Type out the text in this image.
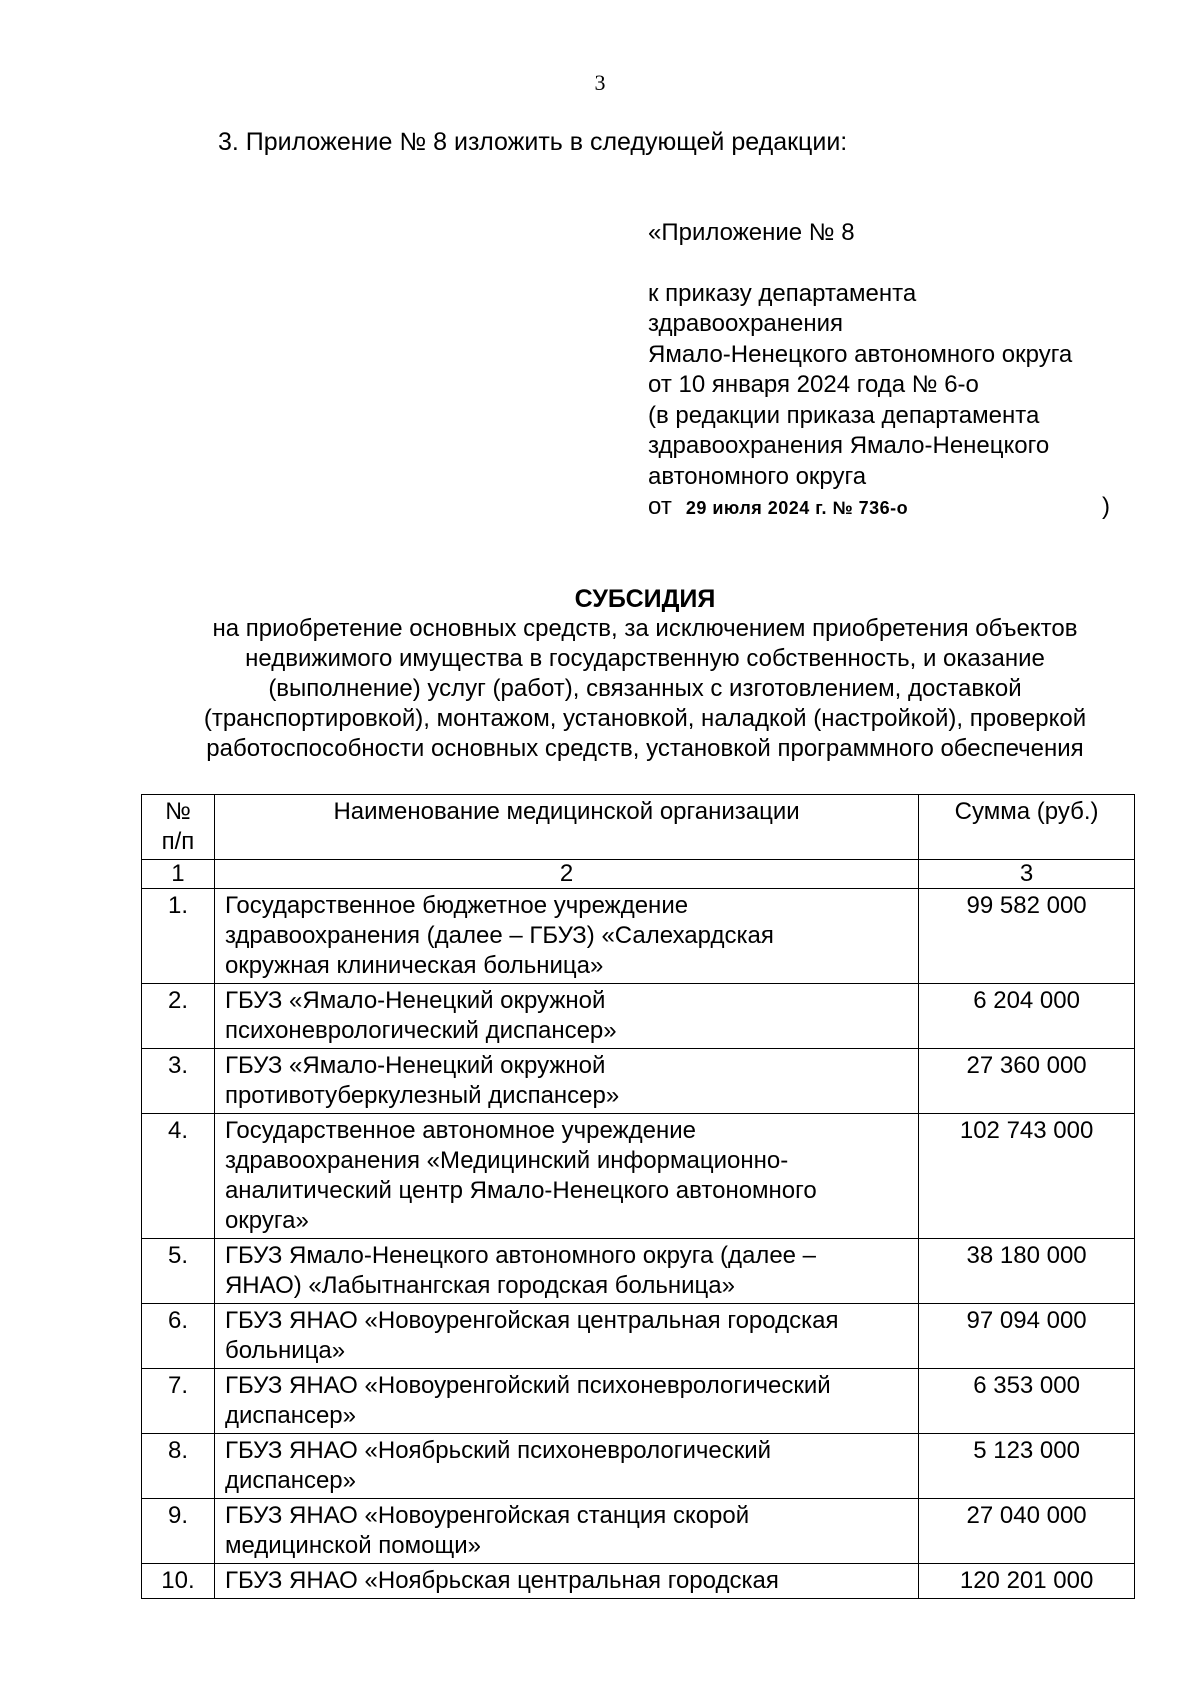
3
3. Приложение № 8 изложить в следующей редакции:
«Приложение № 8
к приказу департамента
здравоохранения
Ямало-Ненецкого автономного округа
от 10 января 2024 года № 6-о
(в редакции приказа департамента
здравоохранения Ямало-Ненецкого
автономного округа
от 29 июля 2024 г. № 736-о	)
СУБСИДИЯ
на приобретение основных средств, за исключением приобретения объектов
недвижимого имущества в государственную собственность, и оказание
(выполнение) услуг (работ), связанных с изготовлением, доставкой
(транспортировкой), монтажом, установкой, наладкой (настройкой), проверкой
работоспособности основных средств, установкой программного обеспечения
№
п/п	Наименование медицинской организации	Сумма (руб.)
1	2	3
1.	Государственное бюджетное учреждение
здравоохранения (далее – ГБУЗ) «Салехардская
окружная клиническая больница»	99 582 000
2.	ГБУЗ «Ямало-Ненецкий окружной
психоневрологический диспансер»	6 204 000
3.	ГБУЗ «Ямало-Ненецкий окружной
противотуберкулезный диспансер»	27 360 000
4.	Государственное автономное учреждение
здравоохранения «Медицинский информационно-
аналитический центр Ямало-Ненецкого автономного
округа»	102 743 000
5.	ГБУЗ Ямало-Ненецкого автономного округа (далее –
ЯНАО) «Лабытнангская городская больница»	38 180 000
6.	ГБУЗ ЯНАО «Новоуренгойская центральная городская
больница»	97 094 000
7.	ГБУЗ ЯНАО «Новоуренгойский психоневрологический
диспансер»	6 353 000
8.	ГБУЗ ЯНАО «Ноябрьский психоневрологический
диспансер»	5 123 000
9.	ГБУЗ ЯНАО «Новоуренгойская станция скорой
медицинской помощи»	27 040 000
10.	ГБУЗ ЯНАО «Ноябрьская центральная городская	120 201 000
